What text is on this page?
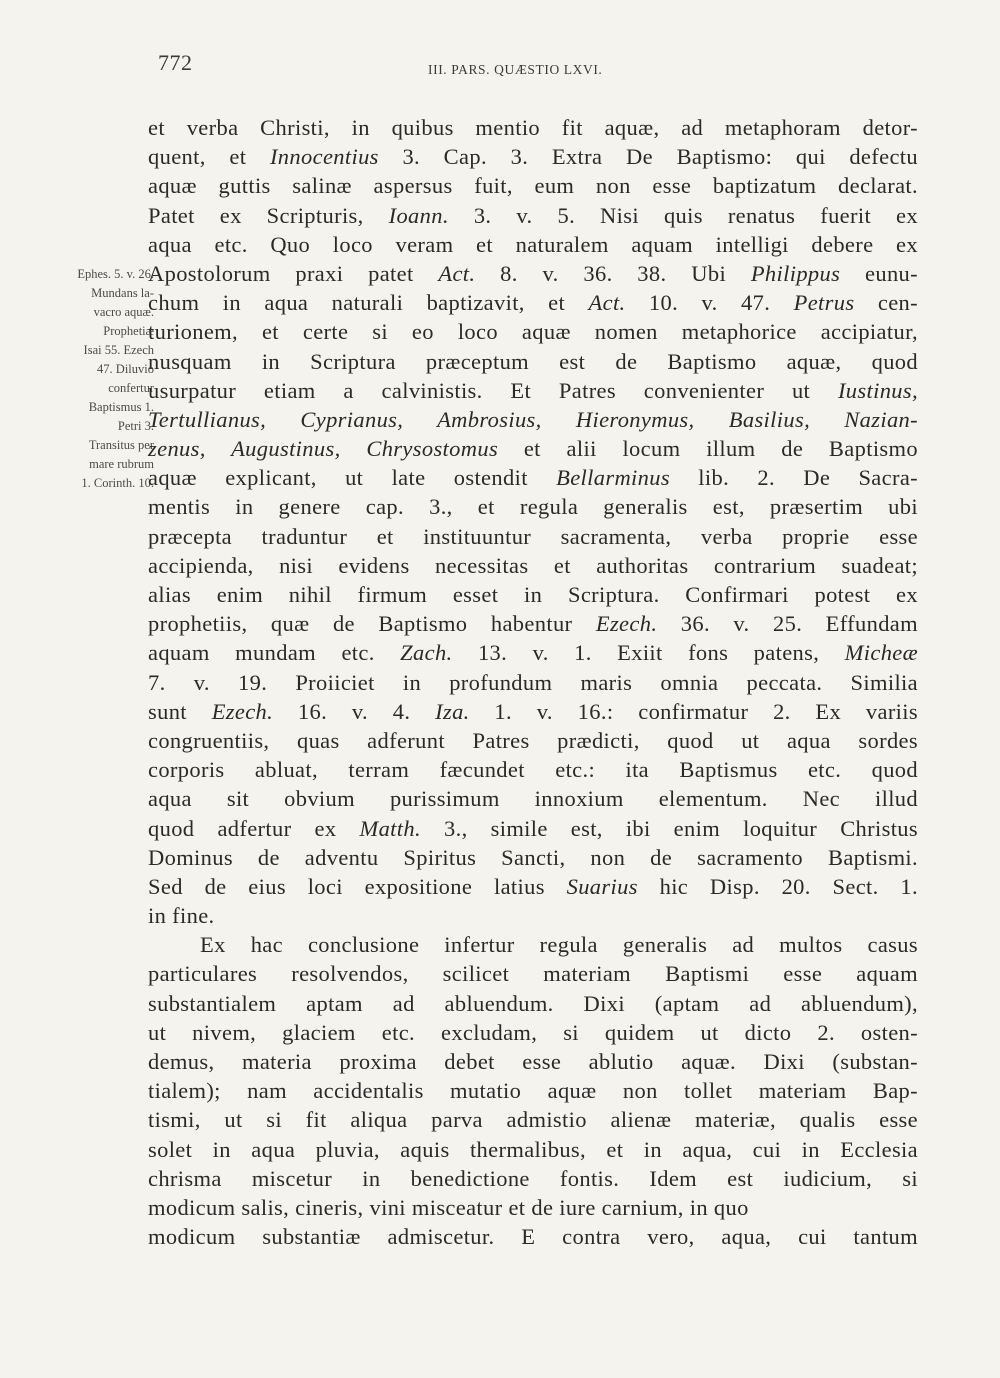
772	III. PARS. QUÆSTIO LXVI.
Ephes. 5. v. 26.
Mundans la-
vacro aquæ.
Prophetiæ
Isai 55. Ezech
47. Diluvio
confertur
Baptismus 1.
Petri 3.
Transitus per
mare rubrum
1. Corinth. 10.
et verba Christi, in quibus mentio fit aquæ, ad metaphoram detor-
quent, et Innocentius 3. Cap. 3. Extra De Baptismo: qui defectu
aquæ guttis salinæ aspersus fuit, eum non esse baptizatum declarat.
Patet ex Scripturis, Ioann. 3. v. 5. Nisi quis renatus fuerit ex
aqua etc. Quo loco veram et naturalem aquam intelligi debere ex
Apostolorum praxi patet Act. 8. v. 36. 38. Ubi Philippus eunu-
chum in aqua naturali baptizavit, et Act. 10. v. 47. Petrus cen-
turionem, et certe si eo loco aquæ nomen metaphorice accipiatur,
nusquam in Scriptura præceptum est de Baptismo aquæ, quod
usurpatur etiam a calvinistis. Et Patres convenienter ut Iustinus,
Tertullianus, Cyprianus, Ambrosius, Hieronymus, Basilius, Nazian-
zenus, Augustinus, Chrysostomus et alii locum illum de Baptismo
aquæ explicant, ut late ostendit Bellarminus lib. 2. De Sacra-
mentis in genere cap. 3., et regula generalis est, præsertim ubi
præcepta traduntur et instituuntur sacramenta, verba proprie esse
accipienda, nisi evidens necessitas et authoritas contrarium suadeat;
alias enim nihil firmum esset in Scriptura. Confirmari potest ex
prophetiis, quæ de Baptismo habentur Ezech. 36. v. 25. Effundam
aquam mundam etc. Zach. 13. v. 1. Exiit fons patens, Micheæ
7. v. 19. Proiiciet in profundum maris omnia peccata. Similia
sunt Ezech. 16. v. 4. Iza. 1. v. 16.: confirmatur 2. Ex variis
congruentiis, quas adferunt Patres prædicti, quod ut aqua sordes
corporis abluat, terram fæcundet etc.: ita Baptismus etc. quod
aqua sit obvium purissimum innoxium elementum. Nec illud
quod adfertur ex Matth. 3., simile est, ibi enim loquitur Christus
Dominus de adventu Spiritus Sancti, non de sacramento Baptismi.
Sed de eius loci expositione latius Suarius hic Disp. 20. Sect. 1.
in fine.
Ex hac conclusione infertur regula generalis ad multos casus
particulares resolvendos, scilicet materiam Baptismi esse aquam
substantialem aptam ad abluendum. Dixi (aptam ad abluendum),
ut nivem, glaciem etc. excludam, si quidem ut dicto 2. osten-
demus, materia proxima debet esse ablutio aquæ. Dixi (substan-
tialem); nam accidentalis mutatio aquæ non tollet materiam Bap-
tismi, ut si fit aliqua parva admistio alienæ materiæ, qualis esse
solet in aqua pluvia, aquis thermalibus, et in aqua, cui in Ecclesia
chrisma miscetur in benedictione fontis. Idem est iudicium, si
modicum salis, cineris, vini misceatur et de iure carnium, in quo
modicum substantiæ admiscetur. E contra vero, aqua, cui tantum
